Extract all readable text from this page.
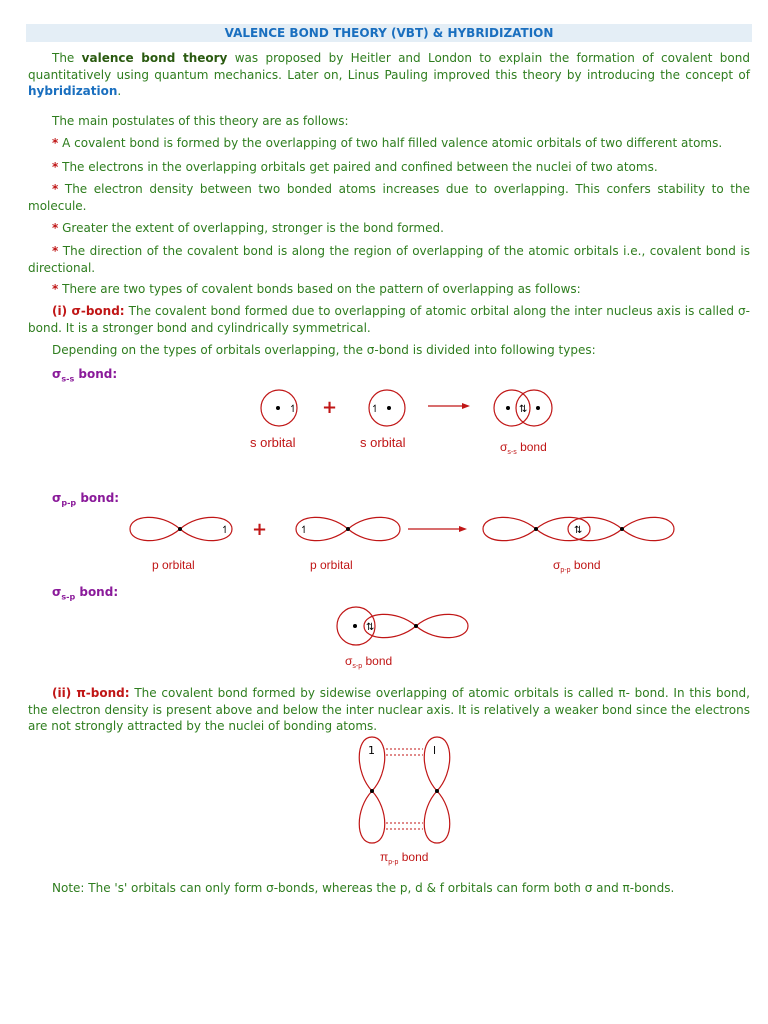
VALENCE BOND THEORY (VBT) & HYBRIDIZATION

The valence bond theory was proposed by Heitler and London to explain the formation of covalent bond quantitatively using quantum mechanics. Later on, Linus Pauling improved this theory by introducing the concept of hybridization.

The main postulates of this theory are as follows:

* A covalent bond is formed by the overlapping of two half filled valence atomic orbitals of two different atoms.

* The electrons in the overlapping orbitals get paired and confined between the nuclei of two atoms.

* The electron density between two bonded atoms increases due to overlapping. This confers stability to the molecule.

* Greater the extent of overlapping, stronger is the bond formed.

* The direction of the covalent bond is along the region of overlapping of the atomic orbitals i.e., covalent bond is directional.

* There are two types of covalent bonds based on the pattern of overlapping as follows:

(i) σ-bond: The covalent bond formed due to overlapping of atomic orbital along the inter nucleus axis is called σ-bond. It is a stronger bond and cylindrically symmetrical.

Depending on the types of orbitals overlapping, the σ-bond is divided into following types:

$\sigma_{s-s}$ bond:
↿	↿	⇅
+
s orbital	s orbital	$\sigma_{s-s}$ bond
$\sigma_{p-p}$ bond:
↿	↿	⇅
+
p orbital	p orbital	$\sigma_{p-p}$ bond
$\sigma_{s-p}$ bond:
⇅
$\sigma_{s-p}$ bond

(ii) π-bond: The covalent bond formed by sidewise overlapping of atomic orbitals is called π- bond. In this bond, the electron density is present above and below the inter nuclear axis. It is relatively a weaker bond since the electrons are not strongly attracted by the nuclei of bonding atoms.

1	l
$\pi_{p-p}$ bond

Note: The 's' orbitals can only form σ-bonds, whereas the p, d & f orbitals can form both σ and π-bonds.
